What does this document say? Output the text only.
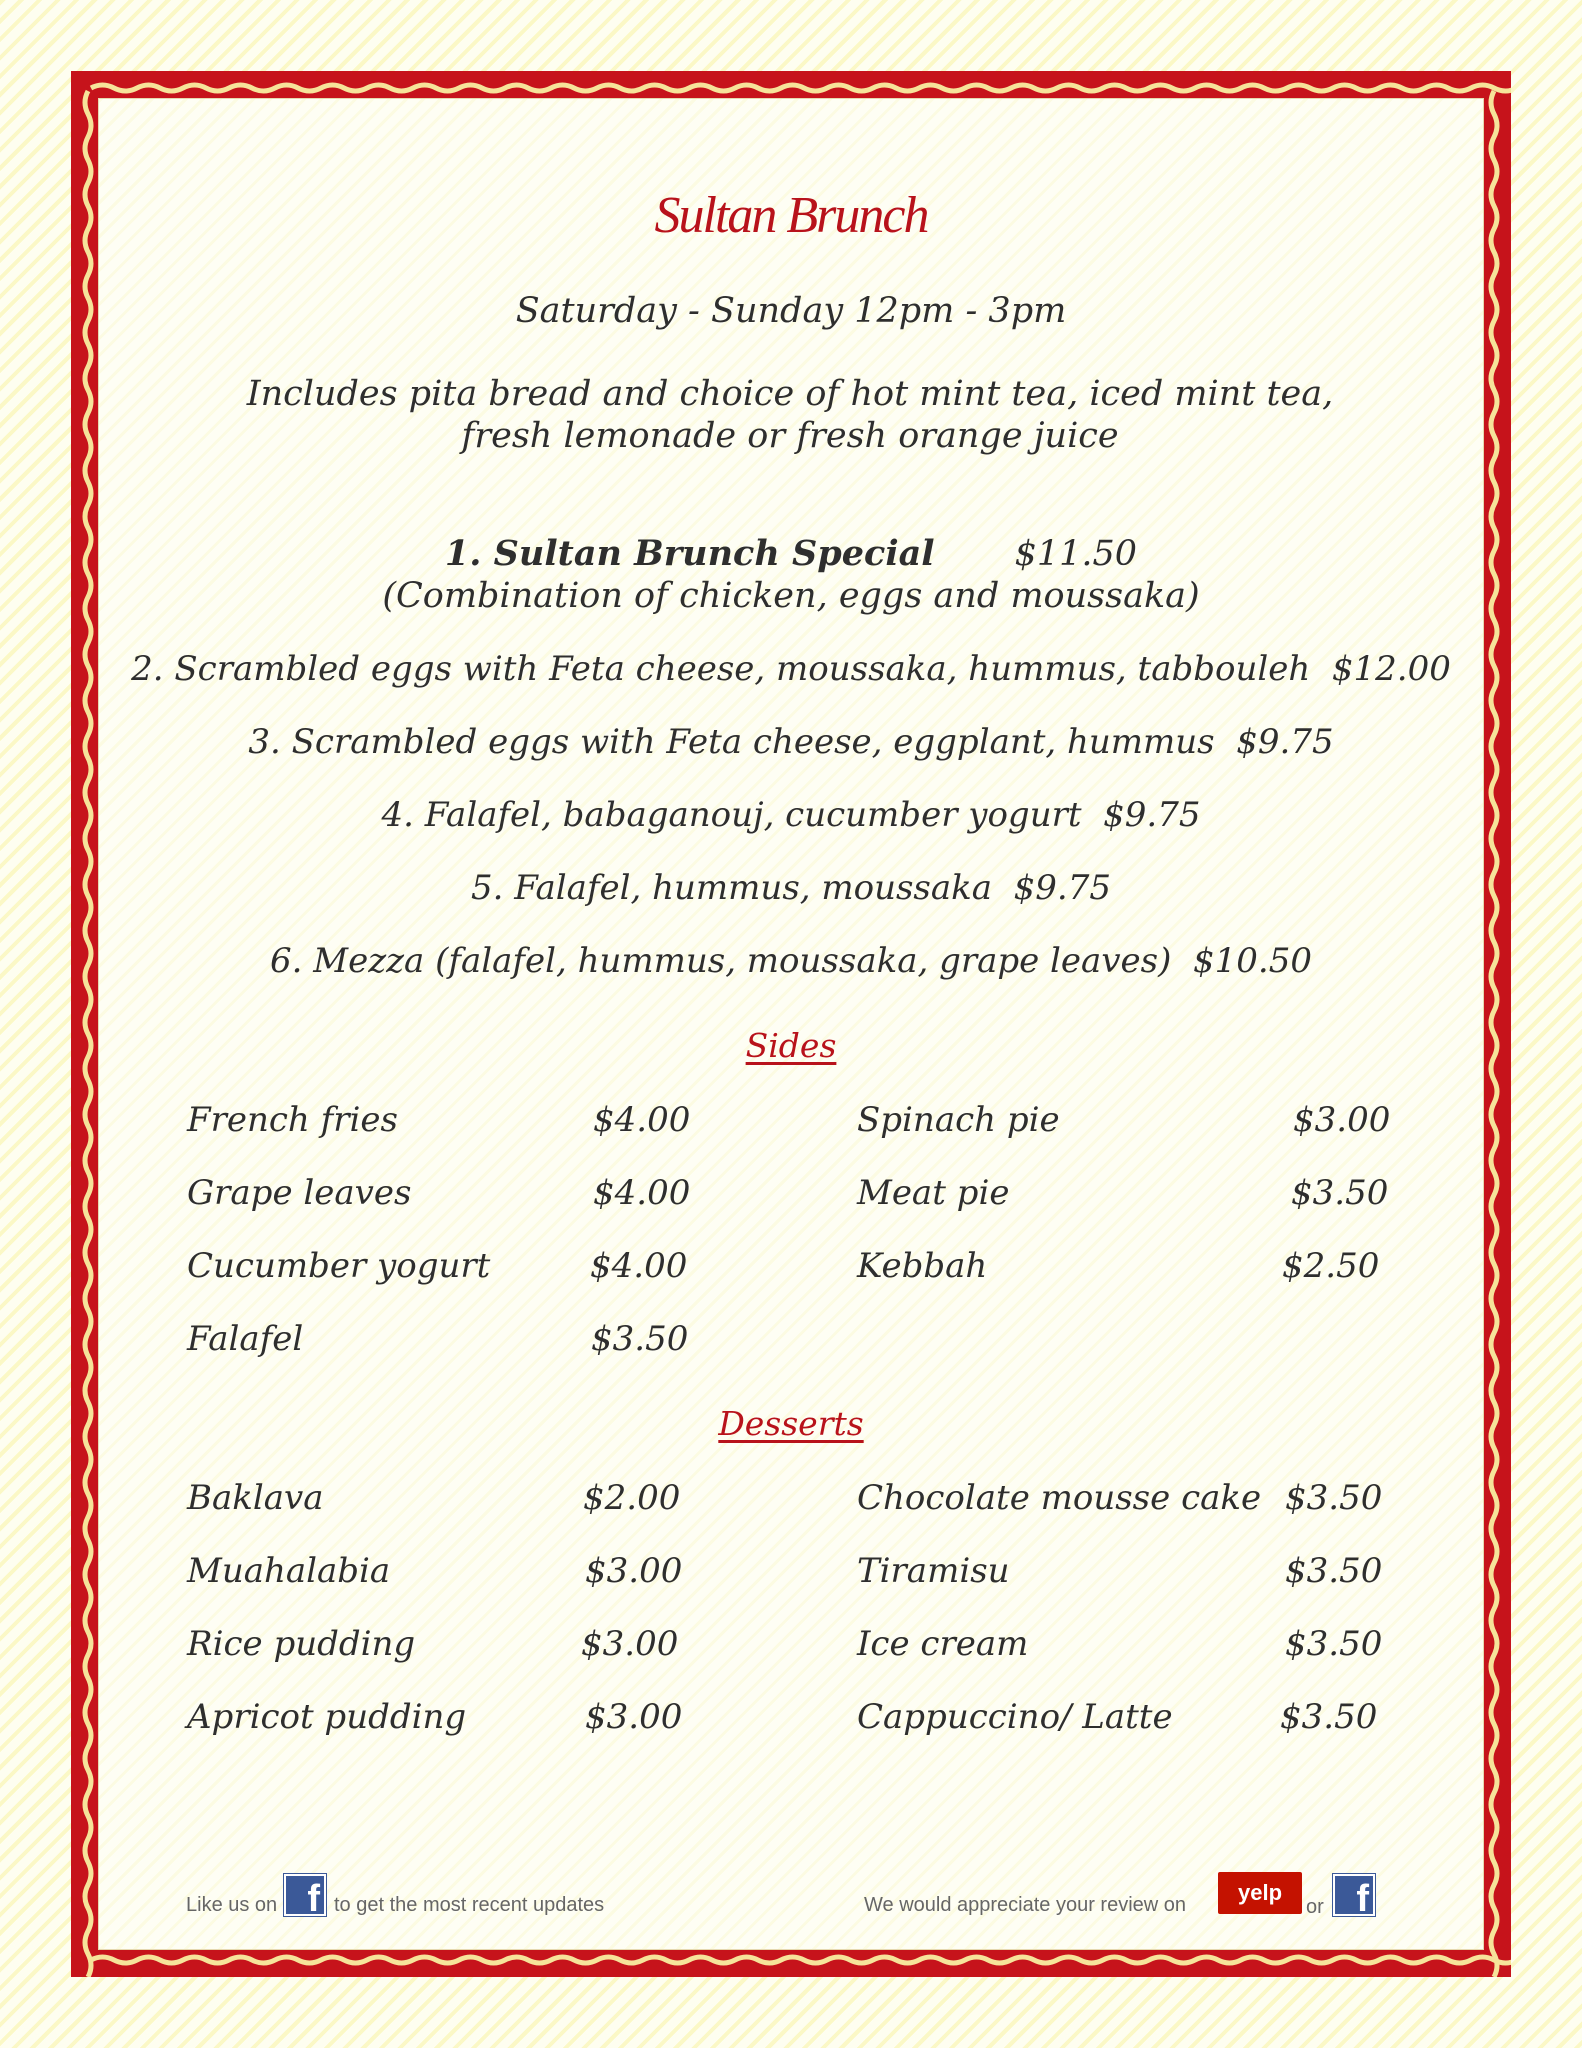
Sultan Brunch
Saturday - Sunday 12pm - 3pm
Includes pita bread and choice of hot mint tea, iced mint tea, fresh lemonade or fresh orange juice
1. Sultan Brunch Special $11.50
(Combination of chicken, eggs and moussaka)
2. Scrambled eggs with Feta cheese, moussaka, hummus, tabbouleh $12.00
3. Scrambled eggs with Feta cheese, eggplant, hummus $9.75
4. Falafel, babaganouj, cucumber yogurt $9.75
5. Falafel, hummus, moussaka $9.75
6. Mezza (falafel, hummus, moussaka, grape leaves) $10.50
Sides
French fries	$4.00
Grape leaves	$4.00
Cucumber yogurt	$4.00
Falafel	$3.50
Spinach pie	$3.00
Meat pie	$3.50
Kebbah	$2.50
Desserts
Baklava	$2.00
Muahalabia	$3.00
Rice pudding	$3.00
Apricot pudding	$3.00
Chocolate mousse cake $3.50
Tiramisu	$3.50
Ice cream	$3.50
Cappuccino/ Latte	$3.50
Like us on f to get the most recent updates	We would appreciate your review on	yelp
or f
